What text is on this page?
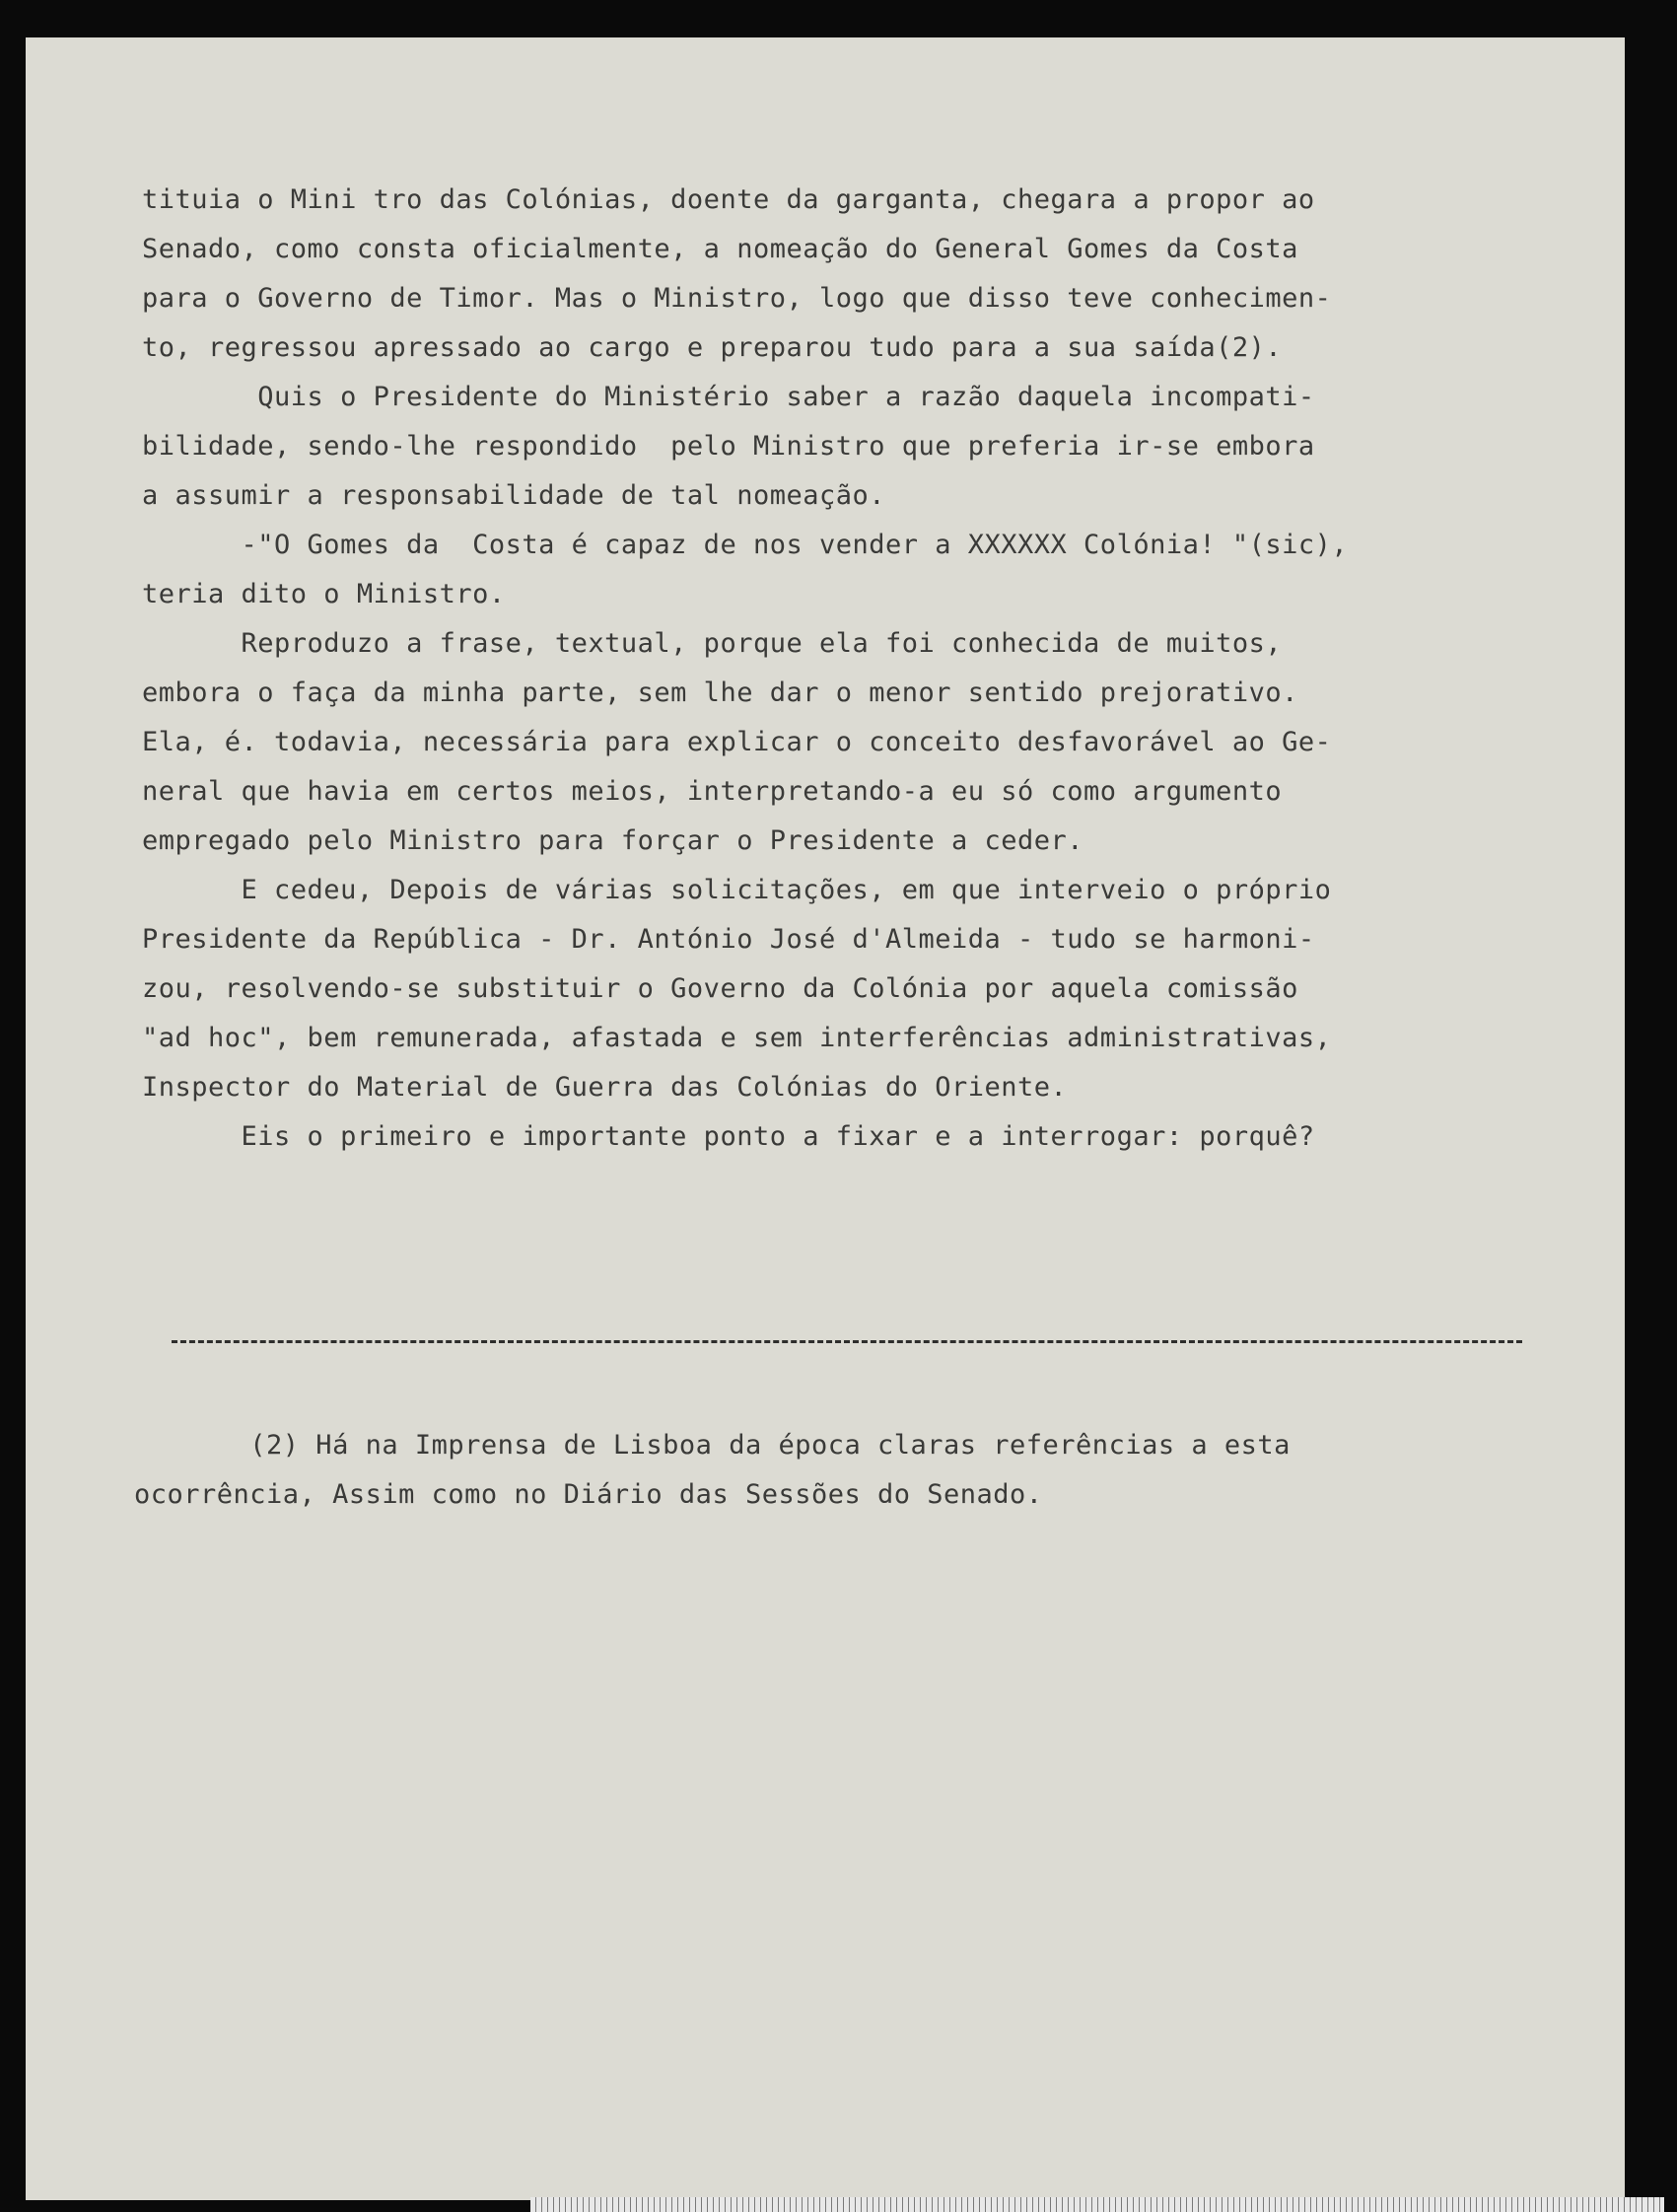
tituia o Mini tro das Colónias, doente da garganta, chegara a propor ao
Senado, como consta oficialmente, a nomeação do General Gomes da Costa
para o Governo de Timor. Mas o Ministro, logo que disso teve conhecimen-
to, regressou apressado ao cargo e preparou tudo para a sua saída(2).
Quis o Presidente do Ministério saber a razão daquela incompati-
bilidade, sendo-lhe respondido  pelo Ministro que preferia ir-se embora
a assumir a responsabilidade de tal nomeação.
-"O Gomes da  Costa é capaz de nos vender a XXXXXX Colónia! "(sic),
teria dito o Ministro.
Reproduzo a frase, textual, porque ela foi conhecida de muitos,
embora o faça da minha parte, sem lhe dar o menor sentido prejorativo.
Ela, é. todavia, necessária para explicar o conceito desfavorável ao Ge-
neral que havia em certos meios, interpretando-a eu só como argumento
empregado pelo Ministro para forçar o Presidente a ceder.
E cedeu, Depois de várias solicitações, em que interveio o próprio
Presidente da República - Dr. António José d'Almeida - tudo se harmoni-
zou, resolvendo-se substituir o Governo da Colónia por aquela comissão
"ad hoc", bem remunerada, afastada e sem interferências administrativas,
Inspector do Material de Guerra das Colónias do Oriente.
Eis o primeiro e importante ponto a fixar e a interrogar: porquê?
(2) Há na Imprensa de Lisboa da época claras referências a esta
ocorrência, Assim como no Diário das Sessões do Senado.
